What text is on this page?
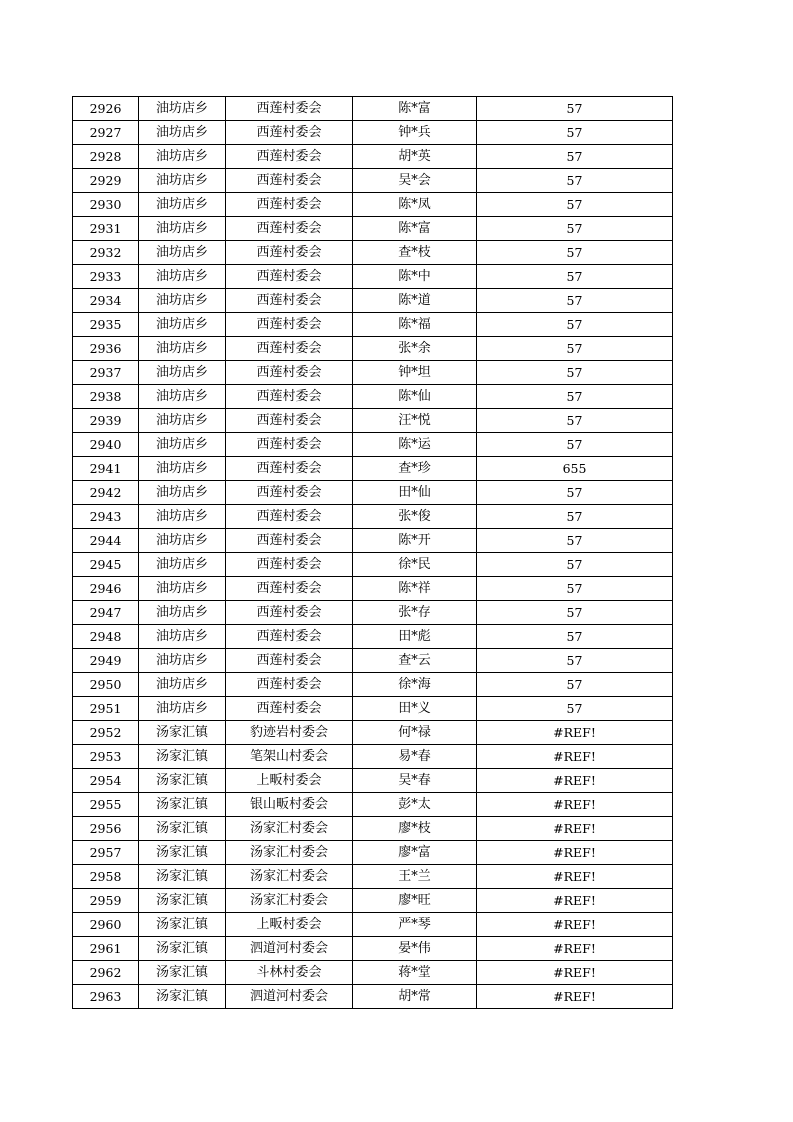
2926	油坊店乡	西莲村委会	陈*富	57
2927	油坊店乡	西莲村委会	钟*兵	57
2928	油坊店乡	西莲村委会	胡*英	57
2929	油坊店乡	西莲村委会	吴*会	57
2930	油坊店乡	西莲村委会	陈*凤	57
2931	油坊店乡	西莲村委会	陈*富	57
2932	油坊店乡	西莲村委会	查*枝	57
2933	油坊店乡	西莲村委会	陈*中	57
2934	油坊店乡	西莲村委会	陈*道	57
2935	油坊店乡	西莲村委会	陈*福	57
2936	油坊店乡	西莲村委会	张*余	57
2937	油坊店乡	西莲村委会	钟*坦	57
2938	油坊店乡	西莲村委会	陈*仙	57
2939	油坊店乡	西莲村委会	汪*悦	57
2940	油坊店乡	西莲村委会	陈*运	57
2941	油坊店乡	西莲村委会	查*珍	655
2942	油坊店乡	西莲村委会	田*仙	57
2943	油坊店乡	西莲村委会	张*俊	57
2944	油坊店乡	西莲村委会	陈*开	57
2945	油坊店乡	西莲村委会	徐*民	57
2946	油坊店乡	西莲村委会	陈*祥	57
2947	油坊店乡	西莲村委会	张*存	57
2948	油坊店乡	西莲村委会	田*彪	57
2949	油坊店乡	西莲村委会	查*云	57
2950	油坊店乡	西莲村委会	徐*海	57
2951	油坊店乡	西莲村委会	田*义	57
2952	汤家汇镇	豹迹岩村委会	何*禄	#REF!
2953	汤家汇镇	笔架山村委会	易*春	#REF!
2954	汤家汇镇	上畈村委会	吴*春	#REF!
2955	汤家汇镇	银山畈村委会	彭*太	#REF!
2956	汤家汇镇	汤家汇村委会	廖*枝	#REF!
2957	汤家汇镇	汤家汇村委会	廖*富	#REF!
2958	汤家汇镇	汤家汇村委会	王*兰	#REF!
2959	汤家汇镇	汤家汇村委会	廖*旺	#REF!
2960	汤家汇镇	上畈村委会	严*琴	#REF!
2961	汤家汇镇	泗道河村委会	晏*伟	#REF!
2962	汤家汇镇	斗林村委会	蒋*堂	#REF!
2963	汤家汇镇	泗道河村委会	胡*常	#REF!
